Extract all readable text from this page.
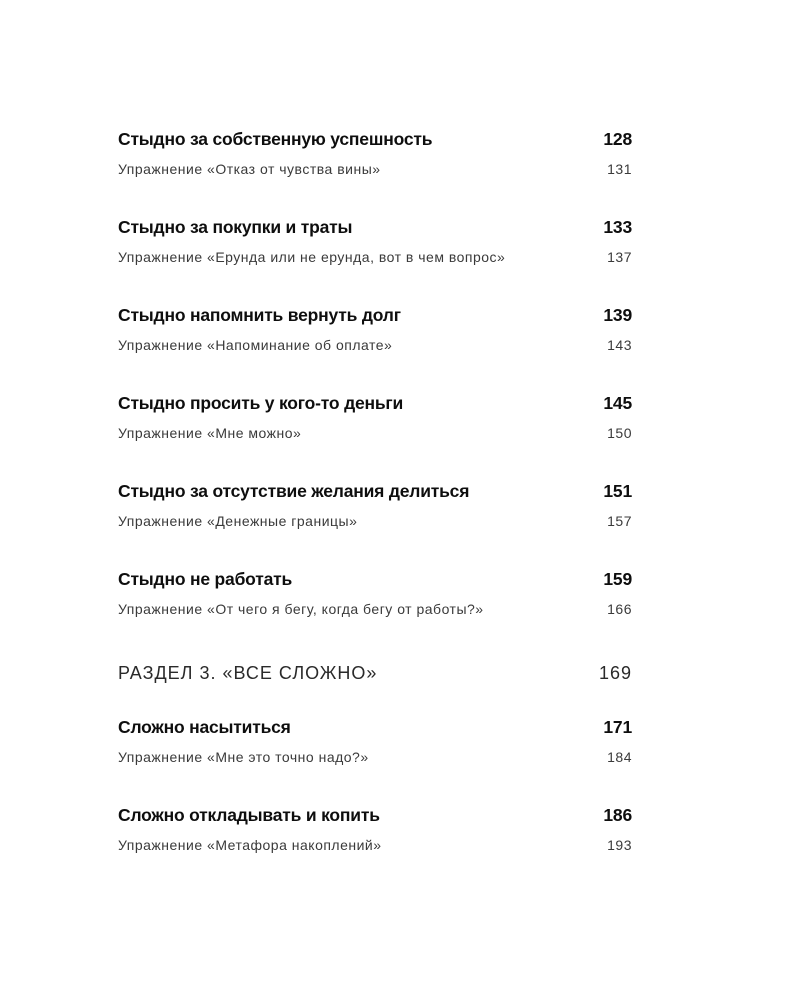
Стыдно за собственную успешность	128
Упражнение «Отказ от чувства вины»	131
Стыдно за покупки и траты	133
Упражнение «Ерунда или не ерунда, вот в чем вопрос»	137
Стыдно напомнить вернуть долг	139
Упражнение «Напоминание об оплате»	143
Стыдно просить у кого-то деньги	145
Упражнение «Мне можно»	150
Стыдно за отсутствие желания делиться	151
Упражнение «Денежные границы»	157
Стыдно не работать	159
Упражнение «От чего я бегу, когда бегу от работы?»	166
РАЗДЕЛ 3. «ВСЕ СЛОЖНО»	169
Сложно насытиться	171
Упражнение «Мне это точно надо?»	184
Сложно откладывать и копить	186
Упражнение «Метафора накоплений»	193
